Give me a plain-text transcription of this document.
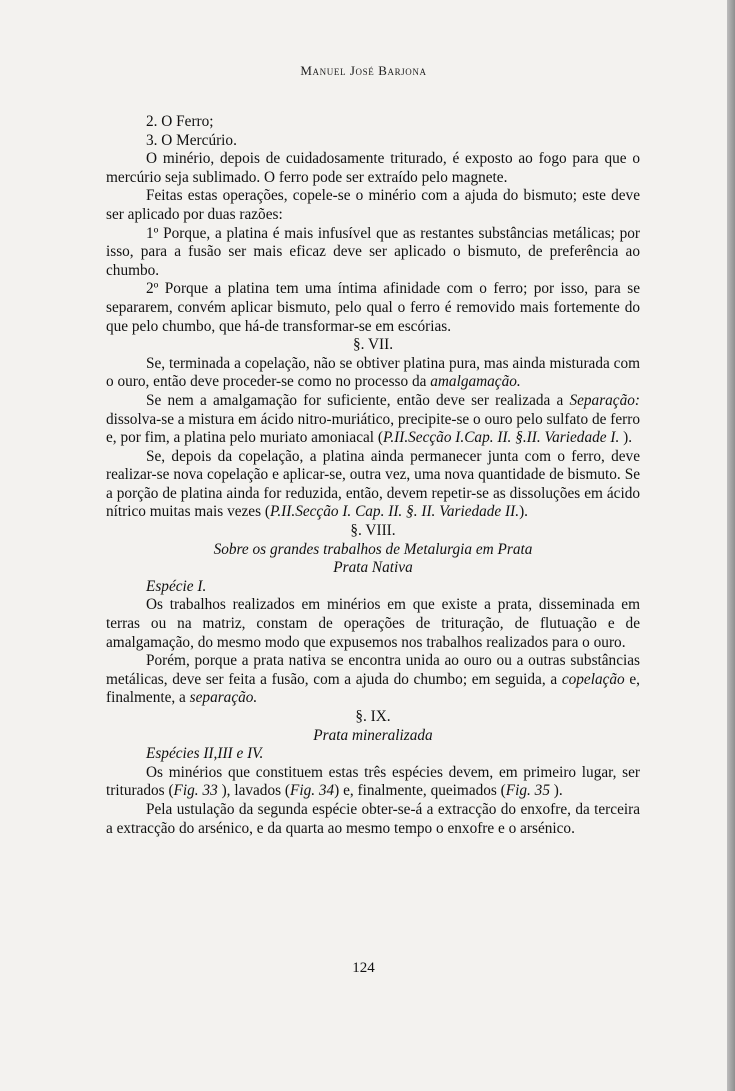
Manuel José Barjona

2. O Ferro;

3. O Mercúrio.

O minério, depois de cuidadosamente triturado, é exposto ao fogo para que o mercúrio seja sublimado. O ferro pode ser extraído pelo magnete.

Feitas estas operações, copele-se o minério com a ajuda do bismuto; este deve ser aplicado por duas razões:

1º Porque, a platina é mais infusível que as restantes substâncias metálicas; por isso, para a fusão ser mais eficaz deve ser aplicado o bismuto, de preferência ao chumbo.

2º Porque a platina tem uma íntima afinidade com o ferro; por isso, para se separarem, convém aplicar bismuto, pelo qual o ferro é removido mais fortemente do que pelo chumbo, que há-de transformar-se em escórias.

§. VII.

Se, terminada a copelação, não se obtiver platina pura, mas ainda misturada com o ouro, então deve proceder-se como no processo da amalgamação.

Se nem a amalgamação for suficiente, então deve ser realizada a Separação: dissolva-se a mistura em ácido nitro-muriático, precipite-se o ouro pelo sulfato de ferro e, por fim, a platina pelo muriato amoniacal (P.II.Secção I.Cap. II. §.II. Variedade I. ).

Se, depois da copelação, a platina ainda permanecer junta com o ferro, deve realizar-se nova copelação e aplicar-se, outra vez, uma nova quantidade de bismuto. Se a porção de platina ainda for reduzida, então, devem repetir-se as dissoluções em ácido nítrico muitas mais vezes (P.II.Secção I. Cap. II. §. II. Variedade II.).

§. VIII.

Sobre os grandes trabalhos de Metalurgia em Prata

Prata Nativa

Espécie I.

Os trabalhos realizados em minérios em que existe a prata, disseminada em terras ou na matriz, constam de operações de trituração, de flutuação e de amalgamação, do mesmo modo que expusemos nos trabalhos realizados para o ouro.

Porém, porque a prata nativa se encontra unida ao ouro ou a outras substâncias metálicas, deve ser feita a fusão, com a ajuda do chumbo; em seguida, a copelação e, finalmente, a separação.

§. IX.

Prata mineralizada

Espécies II,III e IV.

Os minérios que constituem estas três espécies devem, em primeiro lugar, ser triturados (Fig. 33 ), lavados (Fig. 34) e, finalmente, queimados (Fig. 35 ).

Pela ustulação da segunda espécie obter-se-á a extracção do enxofre, da terceira a extracção do arsénico, e da quarta ao mesmo tempo o enxofre e o arsénico.

124
